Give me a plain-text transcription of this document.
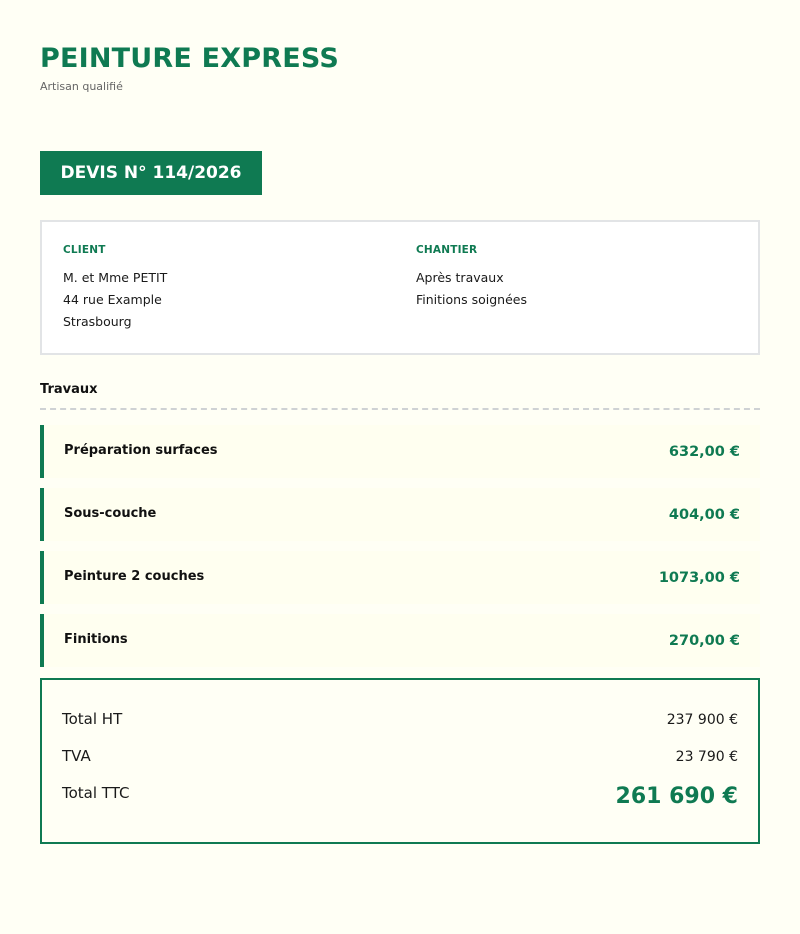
PEINTURE EXPRESS
Artisan qualifié
DEVIS N° 114/2026
CLIENT
M. et Mme PETIT
44 rue Example
Strasbourg
CHANTIER
Après travaux
Finitions soignées
Travaux
Préparation surfaces	632,00 €
Sous-couche	404,00 €
Peinture 2 couches	1073,00 €
Finitions	270,00 €
Total HT	237 900 €
TVA	23 790 €
Total TTC	261 690 €
